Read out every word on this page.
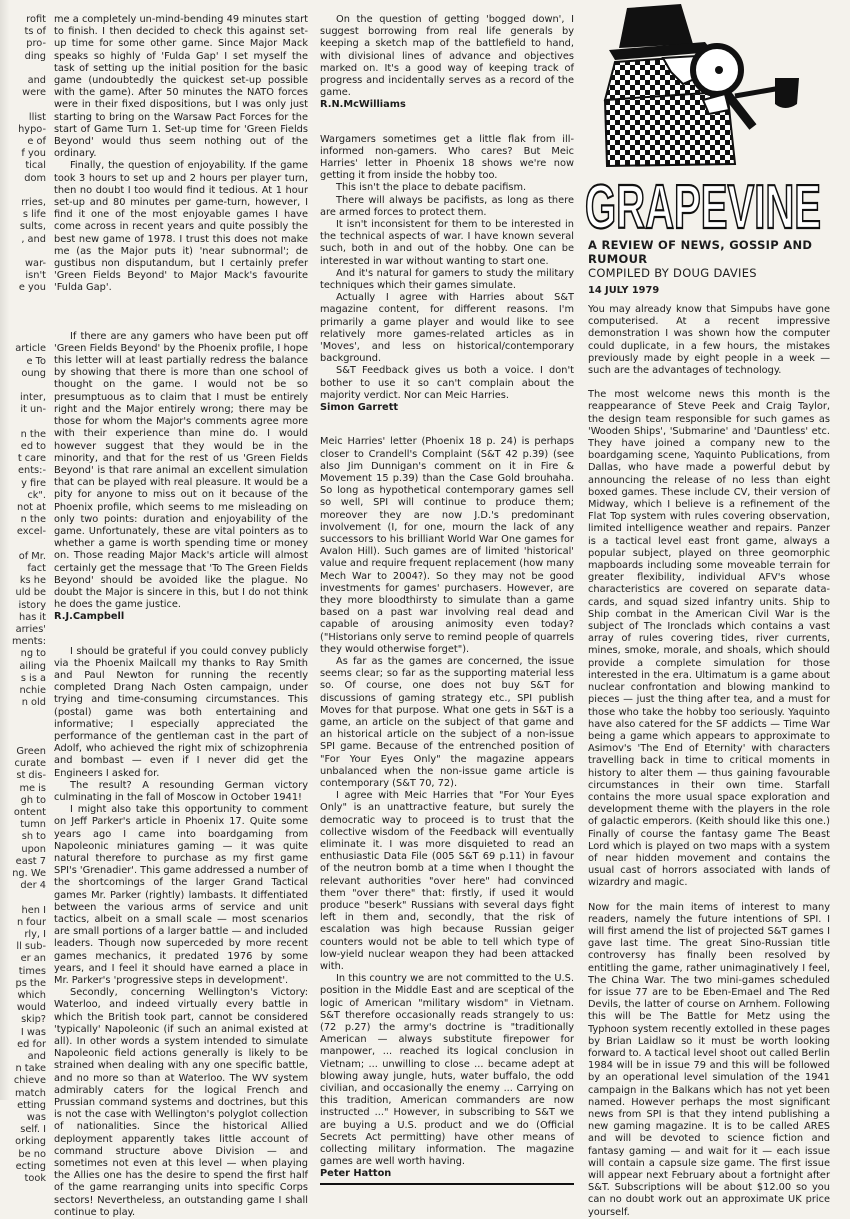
rofit
ts of
pro-
ding
and
were
llist
hypo-
e of
f you
tical
dom
rries,
s life
sults,
, and
war-
isn't
e you
article
e To
oung
inter,
it un-
n the
ed to
t care
ents:-
y fire
ck".
not at
n the
excel-
of Mr.
fact
ks he
uld be
istory
has it
arries'
ments:
ng to
ailing
s is a
nchie
n old
Green
curate
st dis-
me is
gh to
ontent
tumn
sh to
upon
east 7
ng. We
der 4
hen I
n four
rly, I
ll sub-
er an
times
ps the
which
would
skip?
I was
ed for
and
n take
chieve
match
etting
was
self. I
orking
be no
ecting
took

me a completely un-mind-bending 49 minutes start to finish. I then decided to check this against set-up time for some other game. Since Major Mack speaks so highly of 'Fulda Gap' I set myself the task of setting up the initial position for the basic game (undoubtedly the quickest set-up possible with the game). After 50 minutes the NATO forces were in their fixed dispositions, but I was only just starting to bring on the Warsaw Pact Forces for the start of Game Turn 1. Set-up time for 'Green Fields Beyond' would thus seem nothing out of the ordinary.

Finally, the question of enjoyability. If the game took 3 hours to set up and 2 hours per player turn, then no doubt I too would find it tedious. At 1 hour set-up and 80 minutes per game-turn, however, I find it one of the most enjoyable games I have come across in recent years and quite possibly the best new game of 1978. I trust this does not make me (as the Major puts it) 'near subnormal'; de gustibus non disputandum, but I certainly prefer 'Green Fields Beyond' to Major Mack's favourite 'Fulda Gap'.

If there are any gamers who have been put off 'Green Fields Beyond' by the Phoenix profile, I hope this letter will at least partially redress the balance by showing that there is more than one school of thought on the game. I would not be so presumptuous as to claim that I must be entirely right and the Major entirely wrong; there may be those for whom the Major's comments agree more with their experience than mine do. I would however suggest that they would be in the minority, and that for the rest of us 'Green Fields Beyond' is that rare animal an excellent simulation that can be played with real pleasure. It would be a pity for anyone to miss out on it because of the Phoenix profile, which seems to me misleading on only two points: duration and enjoyability of the game. Unfortunately, these are vital pointers as to whether a game is worth spending time or money on. Those reading Major Mack's article will almost certainly get the message that 'To The Green Fields Beyond' should be avoided like the plague. No doubt the Major is sincere in this, but I do not think he does the game justice.

R.J.Campbell

I should be grateful if you could convey publicly via the Phoenix Mailcall my thanks to Ray Smith and Paul Newton for running the recently completed Drang Nach Osten campaign, under trying and time-consuming circumstances. This (postal) game was both entertaining and informative; I especially appreciated the performance of the gentleman cast in the part of Adolf, who achieved the right mix of schizophrenia and bombast — even if I never did get the Engineers I asked for.

The result? A resounding German victory culminating in the fall of Moscow in October 1941!

I might also take this opportunity to comment on Jeff Parker's article in Phoenix 17. Quite some years ago I came into boardgaming from Napoleonic miniatures gaming — it was quite natural therefore to purchase as my first game SPI's 'Grenadier'. This game addressed a number of the shortcomings of the larger Grand Tactical games Mr. Parker (rightly) lambasts. It diffentiated between the various arms of service and unit tactics, albeit on a small scale — most scenarios are small portions of a larger battle — and included leaders. Though now superceded by more recent games mechanics, it predated 1976 by some years, and I feel it should have earned a place in Mr. Parker's 'progressive steps in development'.

Secondly, concerning Wellington's Victory: Waterloo, and indeed virtually every battle in which the British took part, cannot be considered 'typically' Napoleonic (if such an animal existed at all). In other words a system intended to simulate Napoleonic field actions generally is likely to be strained when dealing with any one specific battle, and no more so than at Waterloo. The WV system admirably caters for the logical French and Prussian command systems and doctrines, but this is not the case with Wellington's polyglot collection of nationalities. Since the historical Allied deployment apparently takes little account of command structure above Division — and sometimes not even at this level — when playing the Allies one has the desire to spend the first half of the game rearranging units into specific Corps sectors! Nevertheless, an outstanding game I shall continue to play.

On the question of getting 'bogged down', I suggest borrowing from real life generals by keeping a sketch map of the battlefield to hand, with divisional lines of advance and objectives marked on. It's a good way of keeping track of progress and incidentally serves as a record of the game.

R.N.McWilliams

Wargamers sometimes get a little flak from ill-informed non-gamers. Who cares? But Meic Harries' letter in Phoenix 18 shows we're now getting it from inside the hobby too.

This isn't the place to debate pacifism.

There will always be pacifists, as long as there are armed forces to protect them.

It isn't inconsistent for them to be interested in the technical aspects of war. I have known several such, both in and out of the hobby. One can be interested in war without wanting to start one.

And it's natural for gamers to study the military techniques which their games simulate.

Actually I agree with Harries about S&T magazine content, for different reasons. I'm primarily a game player and would like to see relatively more games-related articles as in 'Moves', and less on historical/contemporary background.

S&T Feedback gives us both a voice. I don't bother to use it so can't complain about the majority verdict. Nor can Meic Harries.

Simon Garrett

Meic Harries' letter (Phoenix 18 p. 24) is perhaps closer to Crandell's Complaint (S&T 42 p.39) (see also Jim Dunnigan's comment on it in Fire & Movement 15 p.39) than the Case Gold brouhaha. So long as hypothetical contemporary games sell so well, SPI will continue to produce them; moreover they are now J.D.'s predominant involvement (I, for one, mourn the lack of any successors to his brilliant World War One games for Avalon Hill). Such games are of limited 'historical' value and require frequent replacement (how many Mech War to 2004?). So they may not be good investments for games' purchasers. However, are they more bloodthirsty to simulate than a game based on a past war involving real dead and capable of arousing animosity even today? ("Historians only serve to remind people of quarrels they would otherwise forget").

As far as the games are concerned, the issue seems clear; so far as the supporting material less so. Of course, one does not buy S&T for discussions of gaming strategy etc., SPI publish Moves for that purpose. What one gets in S&T is a game, an article on the subject of that game and an historical article on the subject of a non-issue SPI game. Because of the entrenched position of "For Your Eyes Only" the magazine appears unbalanced when the non-issue game article is contemporary (S&T 70, 72).

I agree with Meic Harries that "For Your Eyes Only" is an unattractive feature, but surely the democratic way to proceed is to trust that the collective wisdom of the Feedback will eventually eliminate it. I was more disquieted to read an enthusiastic Data File (005 S&T 69 p.11) in favour of the neutron bomb at a time when I thought the relevant authorities "over here" had convinced them "over there" that: firstly, if used it would produce "beserk" Russians with several days fight left in them and, secondly, that the risk of escalation was high because Russian geiger counters would not be able to tell which type of low-yield nuclear weapon they had been attacked with.

In this country we are not committed to the U.S. position in the Middle East and are sceptical of the logic of American "military wisdom" in Vietnam. S&T therefore occasionally reads strangely to us: (72 p.27) the army's doctrine is "traditionally American — always substitute firepower for manpower, ... reached its logical conclusion in Vietnam; ... unwilling to close ... became adept at blowing away jungle, huts, water buffalo, the odd civilian, and occasionally the enemy ... Carrying on this tradition, American commanders are now instructed ..." However, in subscribing to S&T we are buying a U.S. product and we do (Official Secrets Act permitting) have other means of collecting military information. The magazine games are well worth having.

Peter Hatton

GRAPEVINE
A REVIEW OF NEWS, GOSSIP AND RUMOUR
COMPILED BY DOUG DAVIES
14 JULY 1979

You may already know that Simpubs have gone computerised. At a recent impressive demonstration I was shown how the computer could duplicate, in a few hours, the mistakes previously made by eight people in a week — such are the advantages of technology.

The most welcome news this month is the reappearance of Steve Peek and Craig Taylor, the design team responsible for such games as 'Wooden Ships', 'Submarine' and 'Dauntless' etc. They have joined a company new to the boardgaming scene, Yaquinto Publications, from Dallas, who have made a powerful debut by announcing the release of no less than eight boxed games. These include CV, their version of Midway, which I believe is a refinement of the Flat Top system with rules covering observation, limited intelligence weather and repairs. Panzer is a tactical level east front game, always a popular subject, played on three geomorphic mapboards including some moveable terrain for greater flexibility, individual AFV's whose characteristics are covered on separate data-cards, and squad sized infantry units. Ship to Ship combat in the American Civil War is the subject of The Ironclads which contains a vast array of rules covering tides, river currents, mines, smoke, morale, and shoals, which should provide a complete simulation for those interested in the era. Ultimatum is a game about nuclear confrontation and blowing mankind to pieces — just the thing after tea, and a must for those who take the hobby too seriously. Yaquinto have also catered for the SF addicts — Time War being a game which appears to approximate to Asimov's 'The End of Eternity' with characters travelling back in time to critical moments in history to alter them — thus gaining favourable circumstances in their own time. Starfall contains the more usual space exploration and development theme with the players in the role of galactic emperors. (Keith should like this one.) Finally of course the fantasy game The Beast Lord which is played on two maps with a system of near hidden movement and contains the usual cast of horrors associated with lands of wizardry and magic.

Now for the main items of interest to many readers, namely the future intentions of SPI. I will first amend the list of projected S&T games I gave last time. The great Sino-Russian title controversy has finally been resolved by entitling the game, rather unimaginatively I feel, The China War. The two mini-games scheduled for issue 77 are to be Eben-Emael and The Red Devils, the latter of course on Arnhem. Following this will be The Battle for Metz using the Typhoon system recently extolled in these pages by Brian Laidlaw so it must be worth looking forward to. A tactical level shoot out called Berlin 1984 will be in issue 79 and this will be followed by an operational level simulation of the 1941 campaign in the Balkans which has not yet been named. However perhaps the most significant news from SPI is that they intend publishing a new gaming magazine. It is to be called ARES and will be devoted to science fiction and fantasy gaming — and wait for it — each issue will contain a capsule size game. The first issue will appear next February about a fortnight after S&T. Subscriptions will be about $12.00 so you can no doubt work out an approximate UK price yourself.
